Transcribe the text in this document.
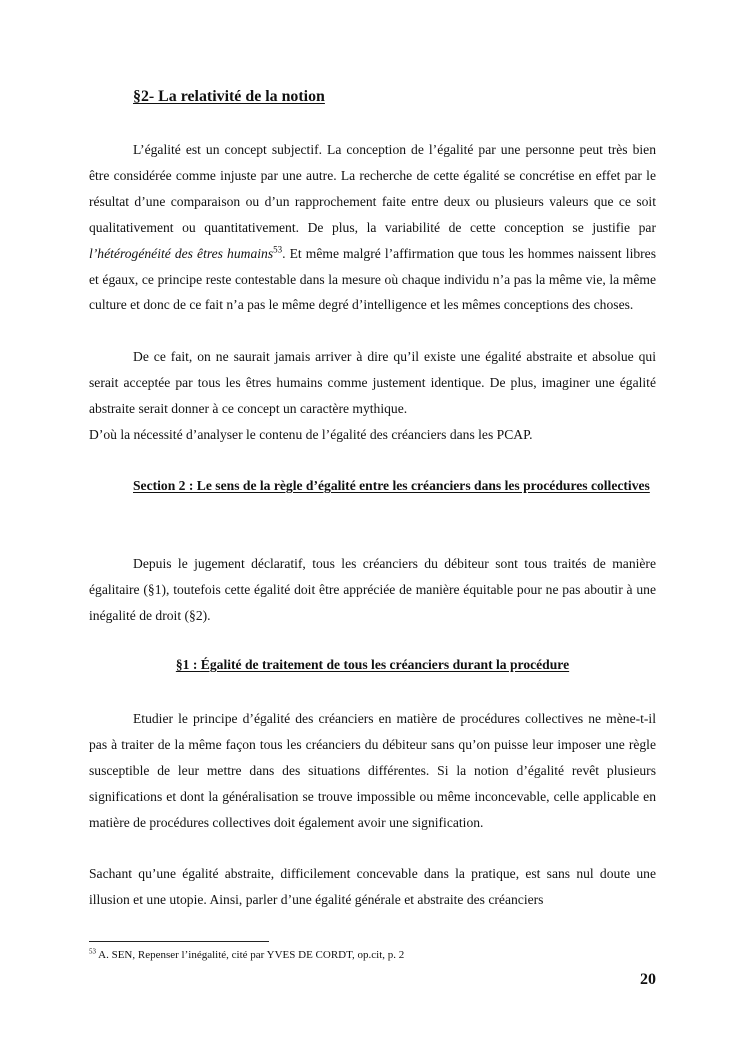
§2- La relativité de la notion

L’égalité est un concept subjectif. La conception de l’égalité par une personne peut très bien être considérée comme injuste par une autre. La recherche de cette égalité se concrétise en effet par le résultat d’une comparaison ou d’un rapprochement faite entre deux ou plusieurs valeurs que ce soit qualitativement ou quantitativement. De plus, la variabilité de cette conception se justifie par l’hétérogénéité des êtres humains$^{53}$. Et même malgré l’affirmation que tous les hommes naissent libres et égaux, ce principe reste contestable dans la mesure où chaque individu n’a pas la même vie, la même culture et donc de ce fait n’a pas le même degré d’intelligence et les mêmes conceptions des choses.

De ce fait, on ne saurait jamais arriver à dire qu’il existe une égalité abstraite et absolue qui serait acceptée par tous les êtres humains comme justement identique. De plus, imaginer une égalité abstraite serait donner à ce concept un caractère mythique.

D’où la nécessité d’analyser le contenu de l’égalité des créanciers dans les PCAP.

Section 2 : Le sens de la règle d’égalité entre les créanciers dans les procédures collectives

Depuis le jugement déclaratif, tous les créanciers du débiteur sont tous traités de manière égalitaire (§1), toutefois cette égalité doit être appréciée de manière équitable pour ne pas aboutir à une inégalité de droit (§2).

§1 : Égalité de traitement de tous les créanciers durant la procédure

Etudier le principe d’égalité des créanciers en matière de procédures collectives ne mène-t-il pas à traiter de la même façon tous les créanciers du débiteur sans qu’on puisse leur imposer une règle susceptible de leur mettre dans des situations différentes. Si la notion d’égalité revêt plusieurs significations et dont la généralisation se trouve impossible ou même inconcevable, celle applicable en matière de procédures collectives doit également avoir une signification.

Sachant qu’une égalité abstraite, difficilement concevable dans la pratique, est sans nul doute une illusion et une utopie. Ainsi, parler d’une égalité générale et abstraite des créanciers

$^{53}$ A. SEN, Repenser l’inégalité, cité par YVES DE CORDT, op.cit, p. 2

20
